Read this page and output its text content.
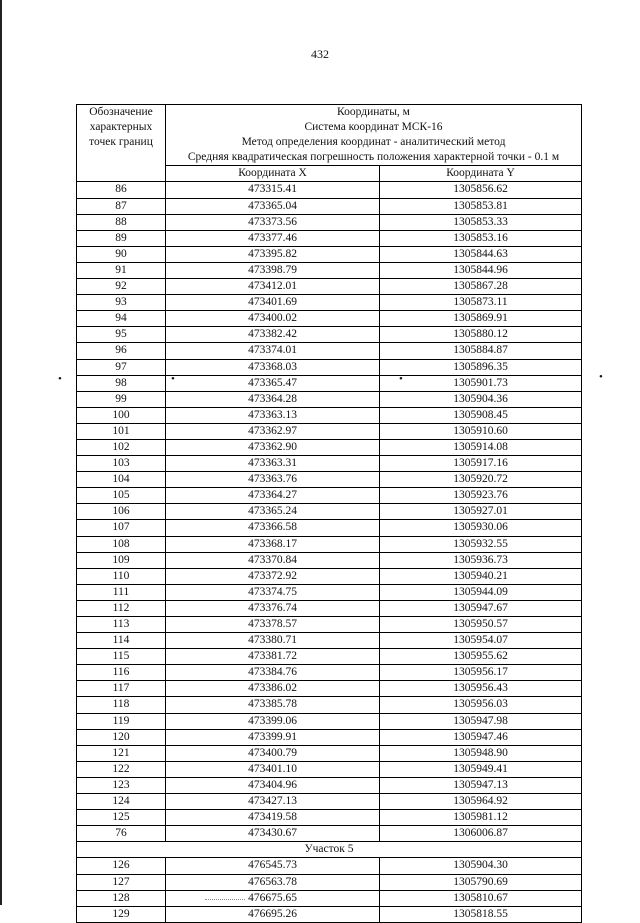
432
Обозначение
характерных
точек границ	Координаты, м
Система координат МСК-16
Метод определения координат - аналитический метод
Средняя квадратическая погрешность положения характерной точки - 0.1 м	

	Координата X	Координата Y
86	473315.41	1305856.62
87	473365.04	1305853.81
88	473373.56	1305853.33
89	473377.46	1305853.16
90	473395.82	1305844.63
91	473398.79	1305844.96
92	473412.01	1305867.28
93	473401.69	1305873.11
94	473400.02	1305869.91
95	473382.42	1305880.12
96	473374.01	1305884.87
97	473368.03	1305896.35
98	473365.47	1305901.73
99	473364.28	1305904.36
100	473363.13	1305908.45
101	473362.97	1305910.60
102	473362.90	1305914.08
103	473363.31	1305917.16
104	473363.76	1305920.72
105	473364.27	1305923.76
106	473365.24	1305927.01
107	473366.58	1305930.06
108	473368.17	1305932.55
109	473370.84	1305936.73
110	473372.92	1305940.21
111	473374.75	1305944.09
112	473376.74	1305947.67
113	473378.57	1305950.57
114	473380.71	1305954.07
115	473381.72	1305955.62
116	473384.76	1305956.17
117	473386.02	1305956.43
118	473385.78	1305956.03
119	473399.06	1305947.98
120	473399.91	1305947.46
121	473400.79	1305948.90
122	473401.10	1305949.41
123	473404.96	1305947.13
124	473427.13	1305964.92
125	473419.58	1305981.12
76	473430.67	1306006.87
Участок 5		
126	476545.73	1305904.30
127	476563.78	1305790.69
128	476675.65	1305810.67
129	476695.26	1305818.55
•	•	•	•
